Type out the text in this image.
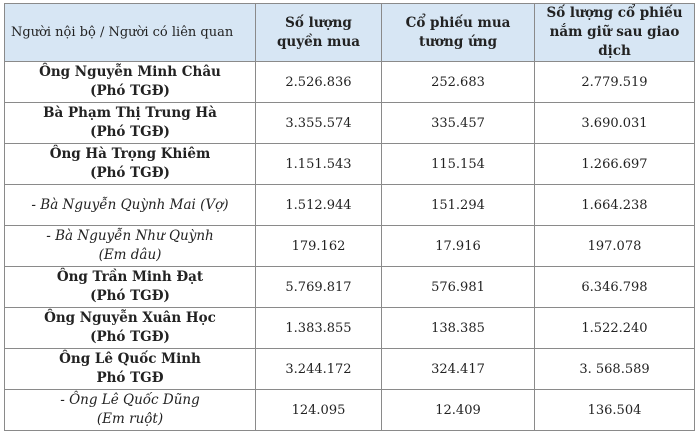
Người nội bộ / Người có liên quan	Số lượng quyền mua	Cổ phiếu mua tương ứng	Số lượng cổ phiếu nắm giữ sau giao dịch

Ông Nguyễn Minh Châu
(Phó TGĐ)	2.526.836	252.683	2.779.519

Bà Phạm Thị Trung Hà
(Phó TGĐ)	3.355.574	335.457	3.690.031

Ông Hà Trọng Khiêm
(Phó TGĐ)	1.151.543	115.154	1.266.697

- Bà Nguyễn Quỳnh Mai (Vợ)	1.512.944	151.294	1.664.238

- Bà Nguyễn Như Quỳnh
(Em dâu)	179.162	17.916	197.078

Ông Trần Minh Đạt
(Phó TGĐ)	5.769.817	576.981	6.346.798

Ông Nguyễn Xuân Học
(Phó TGĐ)	1.383.855	138.385	1.522.240

Ông Lê Quốc Minh
Phó TGĐ	3.244.172	324.417	3. 568.589

- Ông Lê Quốc Dũng
(Em ruột)	124.095	12.409	136.504
